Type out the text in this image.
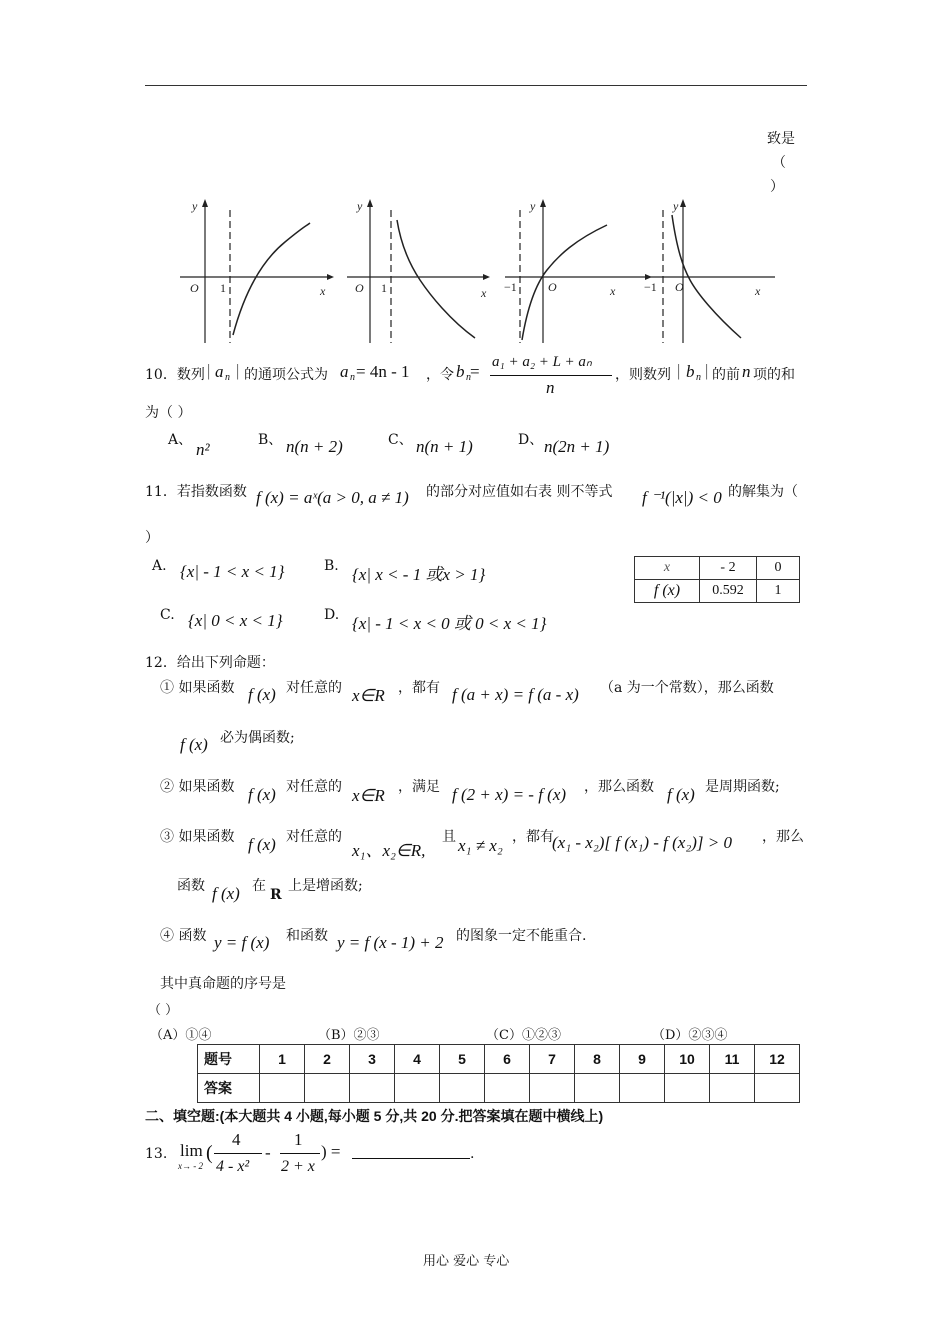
致是
（
）
y
O 1	x
y
O 1	x
y
−1	O	x
y
−1 O	x
10．数列 | a n | 的通项公式为 a n = 4n - 1 ，令 b n = a₁ + a₂ + L + aₙ
n
，则数列 | b n | 的前 n 项的和
为（ ）
A、 n²	B、 n(n + 2)	C、 n(n + 1)	D、 n(2n + 1)
11．若指数函数 f (x) = aˣ(a > 0, a ≠ 1) 的部分对应值如右表 则不等式 f ⁻¹(|x|) < 0 的解集为（
）
A. {x| - 1 < x < 1}	B. {x| x < - 1 或x > 1}
C. {x| 0 < x < 1}	D. {x| - 1 < x < 0 或 0 < x < 1}
x	- 2	0
f (x)	0.592	1
12．给出下列命题：
① 如果函数 f (x) 对任意的 x∈R ，都有 f (a + x) = f (a - x) （a 为一个常数），那么函数
f (x) 必为偶函数;
② 如果函数 f (x) 对任意的 x∈R ，满足 f (2 + x) = - f (x) ，那么函数 f (x) 是周期函数;
③ 如果函数 f (x) 对任意的
x₁、x₂∈R,
且 x₁ ≠ x₂ ，都有
(x₁ - x₂)[ f (x₁) - f (x₂)] > 0 ，那么
函数 f (x) 在
R
上是增函数;
④ 函数 y = f (x) 和函数 y = f (x - 1) + 2 的图象一定不能重合.
其中真命题的序号是
（ ）
（A）①④	（B）②③	（C）①②③	（D）②③④
题号	1	2	3	4	5	6	7	8	9	10	11	12
答案												
二、填空题:(本大题共 4 小题,每小题 5 分,共 20 分.把答案填在题中横线上)
13. lim
x→ - 2
(
4
4 - x²
-
1
2 + x
) =	.
用心 爱心 专心
